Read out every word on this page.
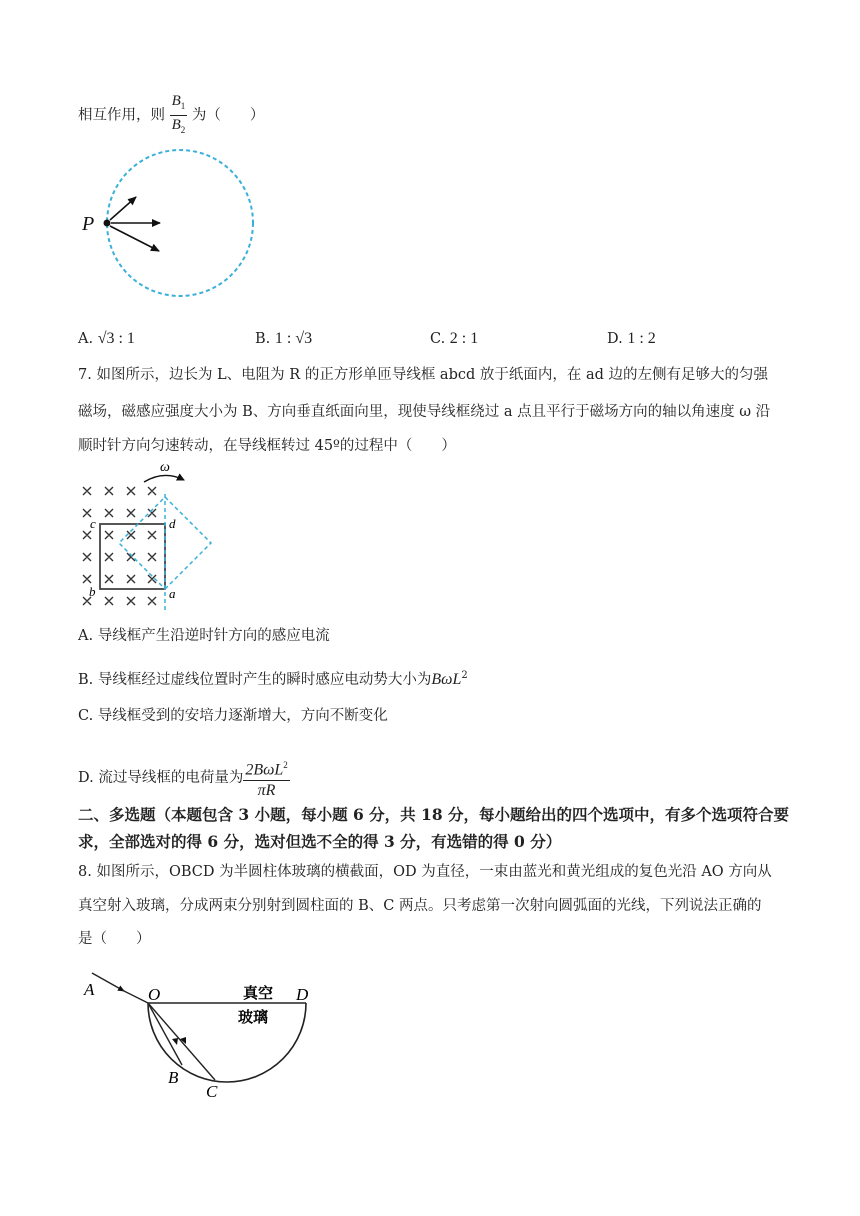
相互作用，则 $\frac{B_1}{B_2}$ 为（　　）
P
A. √3 : 1	B. 1 : √3	C. 2 : 1	D. 1 : 2
7. 如图所示，边长为 L、电阻为 R 的正方形单匝导线框 abcd 放于纸面内，在 ad 边的左侧有足够大的匀强
磁场，磁感应强度大小为 B、方向垂直纸面向里，现使导线框绕过 a 点且平行于磁场方向的轴以角速度 ω 沿
顺时针方向匀速转动，在导线框转过 45º的过程中（　　）
ω
c	d
b	a
A. 导线框产生沿逆时针方向的感应电流
B. 导线框经过虚线位置时产生的瞬时感应电动势大小为BωL$^2$
C. 导线框受到的安培力逐渐增大，方向不断变化
D. 流过导线框的电荷量为 $\frac{2B\omega L^2}{\pi R}$
二、多选题（本题包含 3 小题，每小题 6 分，共 18 分，每小题给出的四个选项中，有多个选项符合要求，全部选对的得 6 分，选对但选不全的得 3 分，有选错的得 0 分）
8. 如图所示，OBCD 为半圆柱体玻璃的横截面，OD 为直径，一束由蓝光和黄光组成的复色光沿 AO 方向从
真空射入玻璃，分成两束分别射到圆柱面的 B、C 两点。只考虑第一次射向圆弧面的光线，下列说法正确的
是（　　）
A	O	D
B
C
真空
玻璃
